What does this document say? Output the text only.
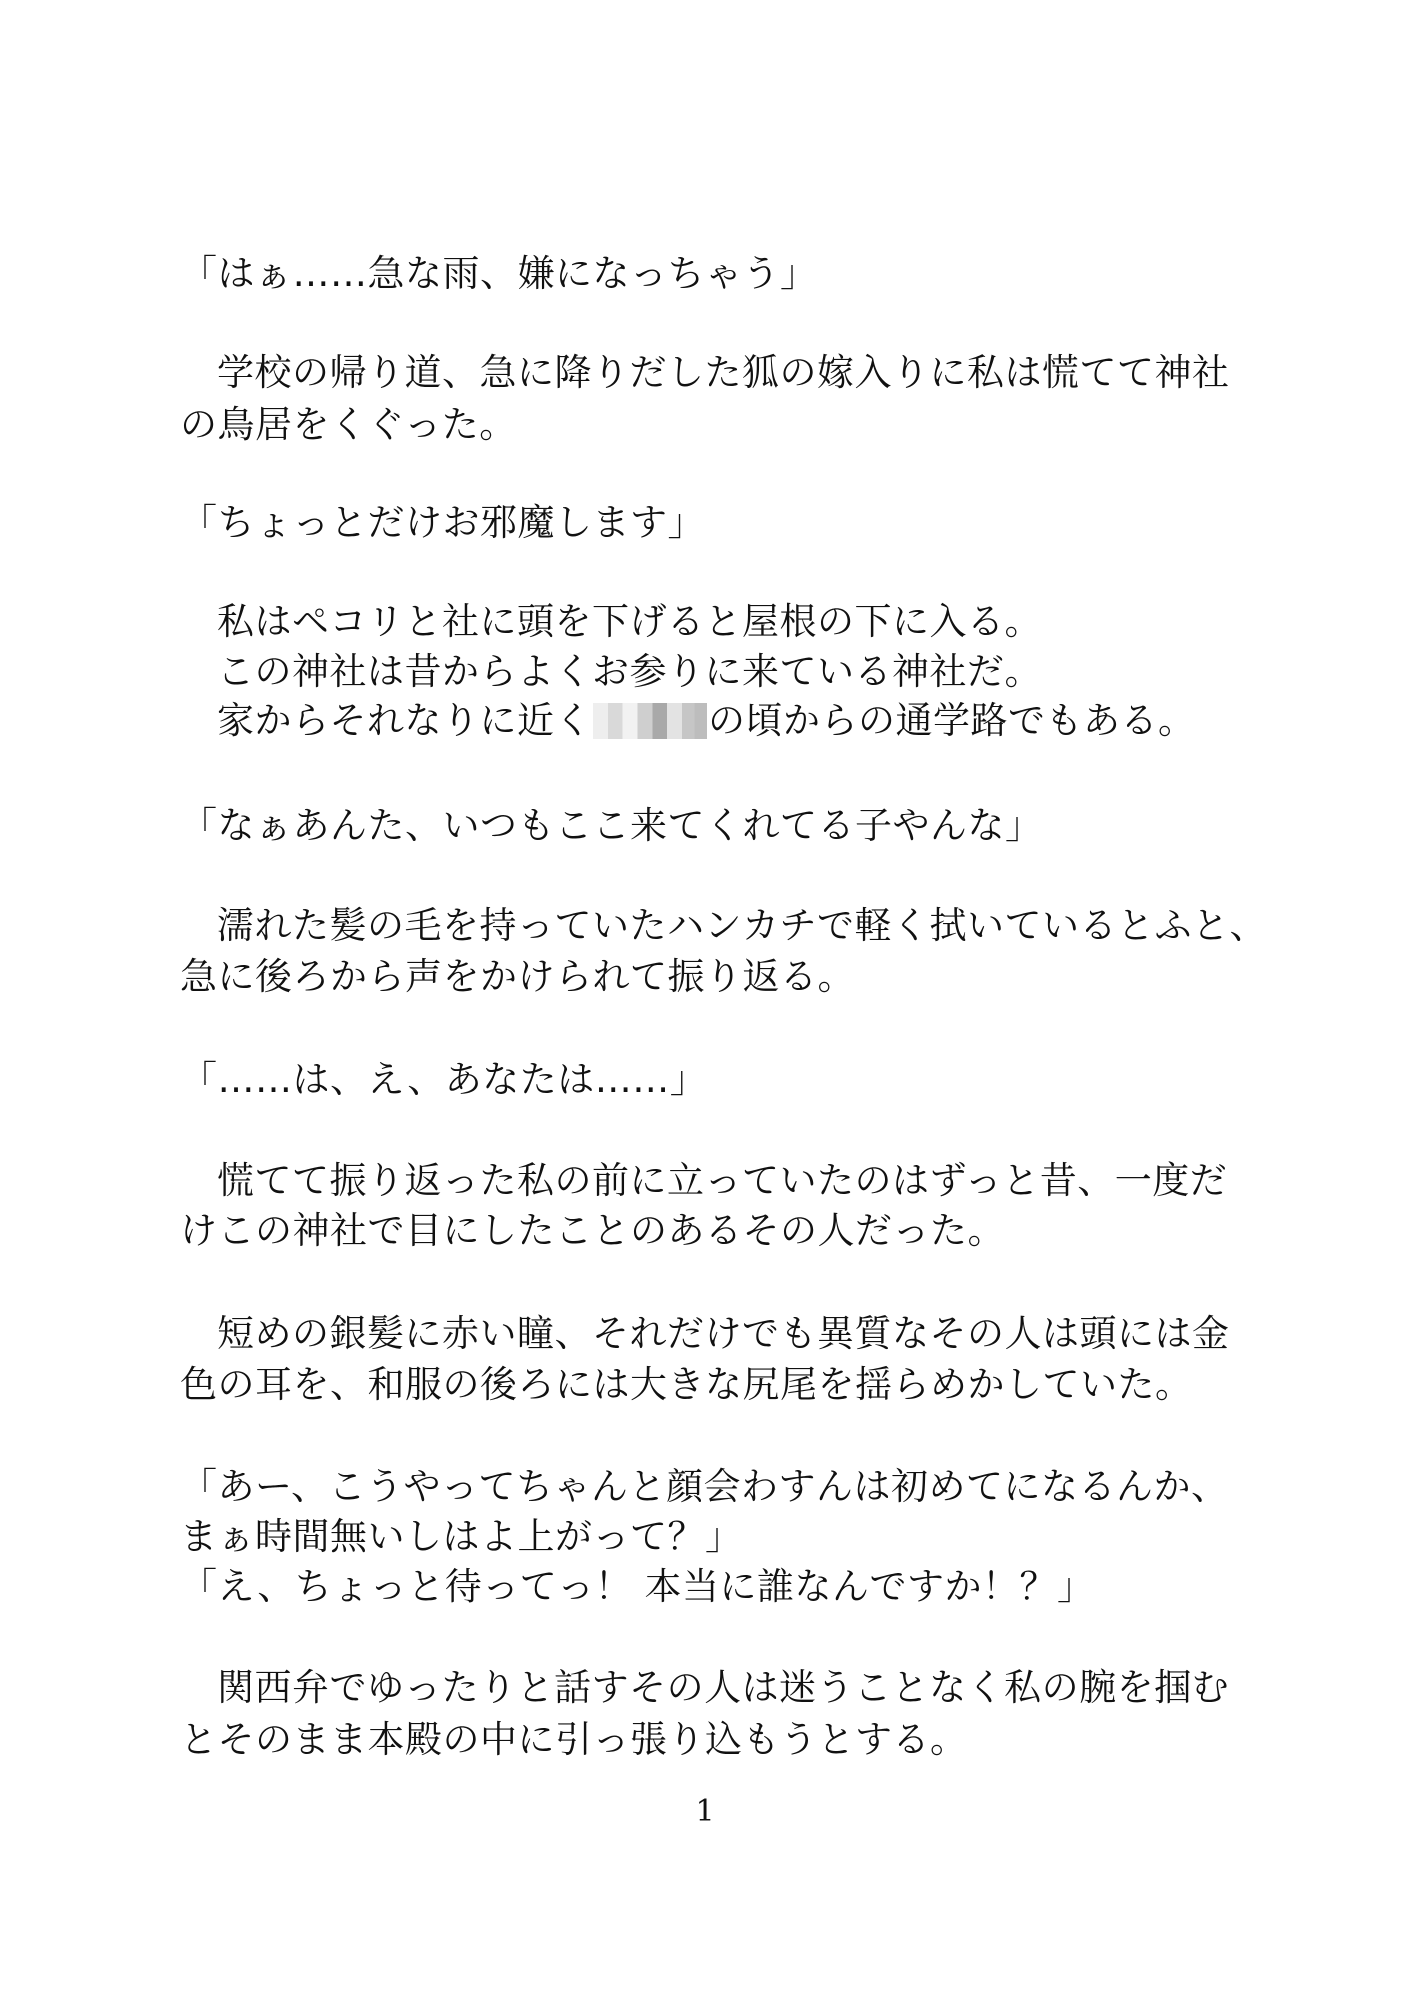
「はぁ……急な雨、嫌になっちゃう」
学校の帰り道、急に降りだした狐の嫁入りに私は慌てて神社
の鳥居をくぐった。
「ちょっとだけお邪魔します」
私はペコリと社に頭を下げると屋根の下に入る。
この神社は昔からよくお参りに来ている神社だ。
家からそれなりに近く	の頃からの通学路でもある。
「なぁあんた、いつもここ来てくれてる子やんな」
濡れた髪の毛を持っていたハンカチで軽く拭いているとふと、
急に後ろから声をかけられて振り返る。
「……は、え、あなたは……」
慌てて振り返った私の前に立っていたのはずっと昔、一度だ
けこの神社で目にしたことのあるその人だった。
短めの銀髪に赤い瞳、それだけでも異質なその人は頭には金
色の耳を、和服の後ろには大きな尻尾を揺らめかしていた。
「あー、こうやってちゃんと顔会わすんは初めてになるんか、
まぁ時間無いしはよ上がって？」
「え、ちょっと待ってっ！ 本当に誰なんですか！？」
関西弁でゆったりと話すその人は迷うことなく私の腕を掴む
とそのまま本殿の中に引っ張り込もうとする。
1
